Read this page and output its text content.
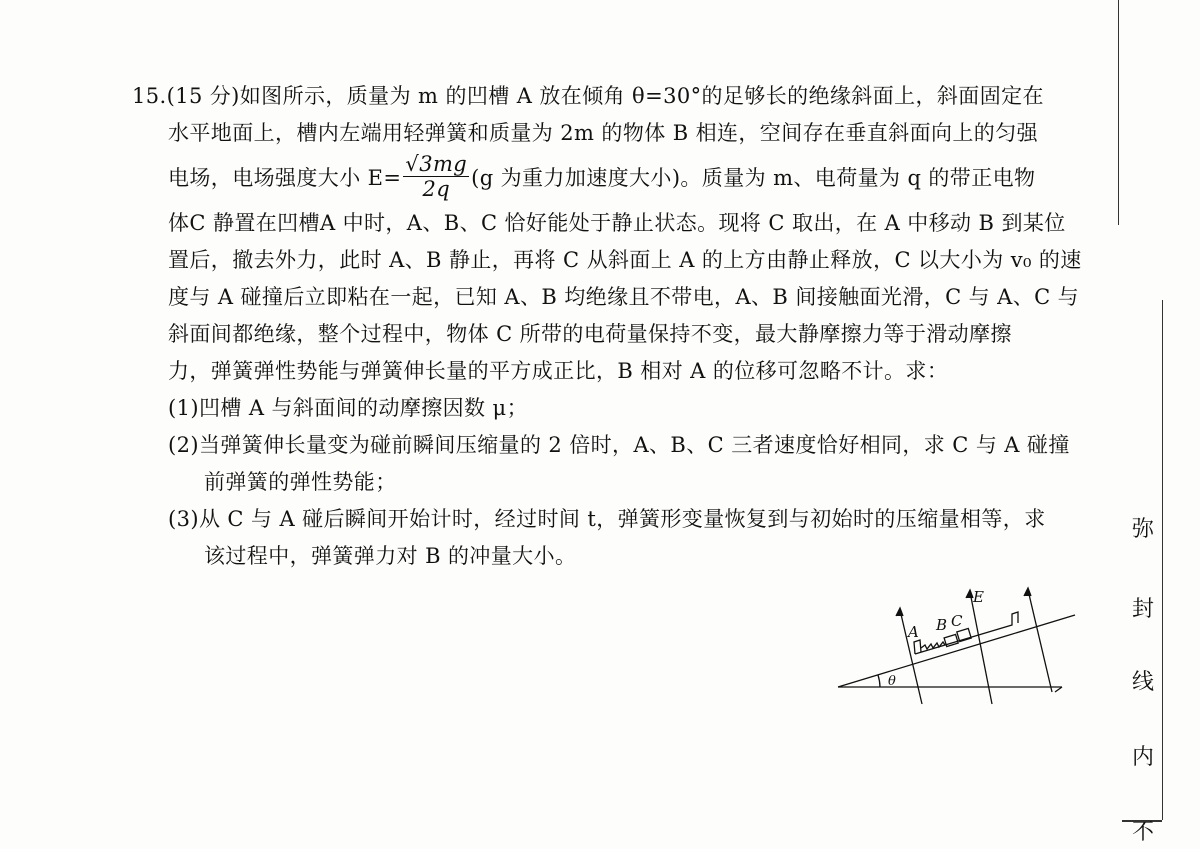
15.(15 分)如图所示，质量为 m 的凹槽 A 放在倾角 θ=30°的足够长的绝缘斜面上，斜面固定在
水平地面上，槽内左端用轻弹簧和质量为 2m 的物体 B 相连，空间存在垂直斜面向上的匀强
电场，电场强度大小 $E= \frac{√3mg}{2q} (g$ 为重力加速度大小)。质量为 m、电荷量为 q 的带正电物
体C 静置在凹槽A 中时，A、B、C 恰好能处于静止状态。现将 C 取出，在 A 中移动 B 到某位
置后，撤去外力，此时 A、B 静止，再将 C 从斜面上 A 的上方由静止释放，C 以大小为 v₀ 的速
度与 A 碰撞后立即粘在一起，已知 A、B 均绝缘且不带电，A、B 间接触面光滑，C 与 A、C 与
斜面间都绝缘，整个过程中，物体 C 所带的电荷量保持不变，最大静摩擦力等于滑动摩擦
力，弹簧弹性势能与弹簧伸长量的平方成正比，B 相对 A 的位移可忽略不计。求：
(1)凹槽 A 与斜面间的动摩擦因数 μ；
(2)当弹簧伸长量变为碰前瞬间压缩量的 2 倍时，A、B、C 三者速度恰好相同，求 C 与 A 碰撞
前弹簧的弹性势能；
(3)从 C 与 A 碰后瞬间开始计时，经过时间 t，弹簧形变量恢复到与初始时的压缩量相等，求
该过程中，弹簧弹力对 B 的冲量大小。
A B C
E
θ
弥
封
线
内
不
